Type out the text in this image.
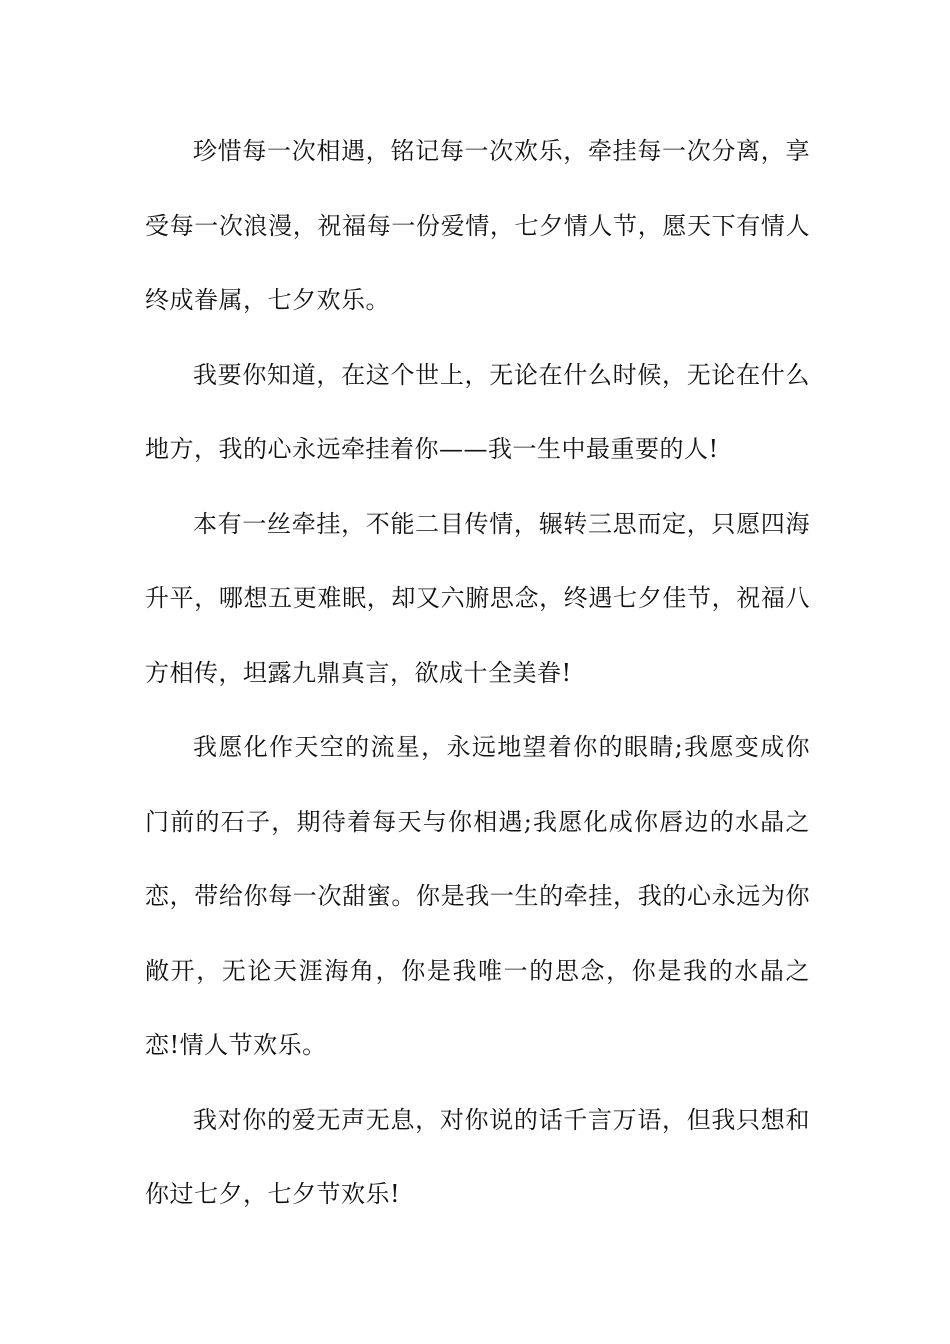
珍惜每一次相遇，铭记每一次欢乐，牵挂每一次分离，享受每一次浪漫，祝福每一份爱情，七夕情人节，愿天下有情人终成眷属，七夕欢乐。

我要你知道，在这个世上，无论在什么时候，无论在什么地方，我的心永远牵挂着你——我一生中最重要的人!

本有一丝牵挂，不能二目传情，辗转三思而定，只愿四海升平，哪想五更难眠，却又六腑思念，终遇七夕佳节，祝福八方相传，坦露九鼎真言，欲成十全美眷!

我愿化作天空的流星，永远地望着你的眼睛;我愿变成你门前的石子，期待着每天与你相遇;我愿化成你唇边的水晶之恋，带给你每一次甜蜜。你是我一生的牵挂，我的心永远为你敞开，无论天涯海角，你是我唯一的思念，你是我的水晶之恋!情人节欢乐。

我对你的爱无声无息，对你说的话千言万语，但我只想和你过七夕，七夕节欢乐!
